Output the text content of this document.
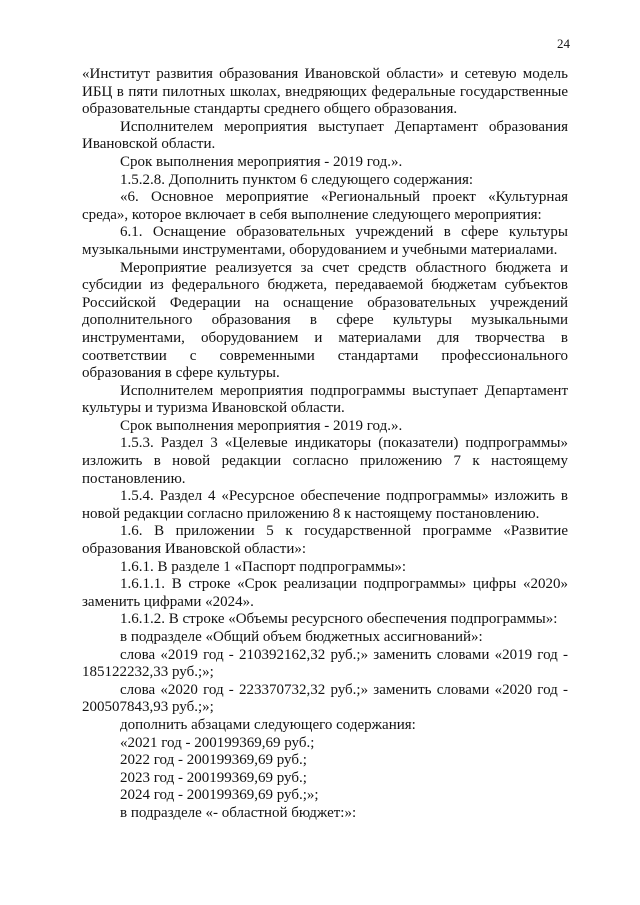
24

«Институт развития образования Ивановской области» и сетевую модель ИБЦ в пяти пилотных школах, внедряющих федеральные государственные образовательные стандарты среднего общего образования.

Исполнителем мероприятия выступает Департамент образования Ивановской области.

Срок выполнения мероприятия - 2019 год.».

1.5.2.8. Дополнить пунктом 6 следующего содержания:

«6. Основное мероприятие «Региональный проект «Культурная среда», которое включает в себя выполнение следующего мероприятия:

6.1. Оснащение образовательных учреждений в сфере культуры музыкальными инструментами, оборудованием и учебными материалами.

Мероприятие реализуется за счет средств областного бюджета и субсидии из федерального бюджета, передаваемой бюджетам субъектов Российской Федерации на оснащение образовательных учреждений дополнительного образования в сфере культуры музыкальными инструментами, оборудованием и материалами для творчества в соответствии с современными стандартами профессионального образования в сфере культуры.

Исполнителем мероприятия подпрограммы выступает Департамент культуры и туризма Ивановской области.

Срок выполнения мероприятия - 2019 год.».

1.5.3. Раздел 3 «Целевые индикаторы (показатели) подпрограммы» изложить в новой редакции согласно приложению 7 к настоящему постановлению.

1.5.4. Раздел 4 «Ресурсное обеспечение подпрограммы» изложить в новой редакции согласно приложению 8 к настоящему постановлению.

1.6. В приложении 5 к государственной программе «Развитие образования Ивановской области»:

1.6.1. В разделе 1 «Паспорт подпрограммы»:

1.6.1.1. В строке «Срок реализации подпрограммы» цифры «2020» заменить цифрами «2024».

1.6.1.2. В строке «Объемы ресурсного обеспечения подпрограммы»:

в подразделе «Общий объем бюджетных ассигнований»:

слова «2019 год - 210392162,32 руб.;» заменить словами «2019 год - 185122232,33 руб.;»;

слова «2020 год - 223370732,32 руб.;» заменить словами «2020 год - 200507843,93 руб.;»;

дополнить абзацами следующего содержания:

«2021 год - 200199369,69 руб.;

2022 год - 200199369,69 руб.;

2023 год - 200199369,69 руб.;

2024 год - 200199369,69 руб.;»;

в подразделе «- областной бюджет:»:
